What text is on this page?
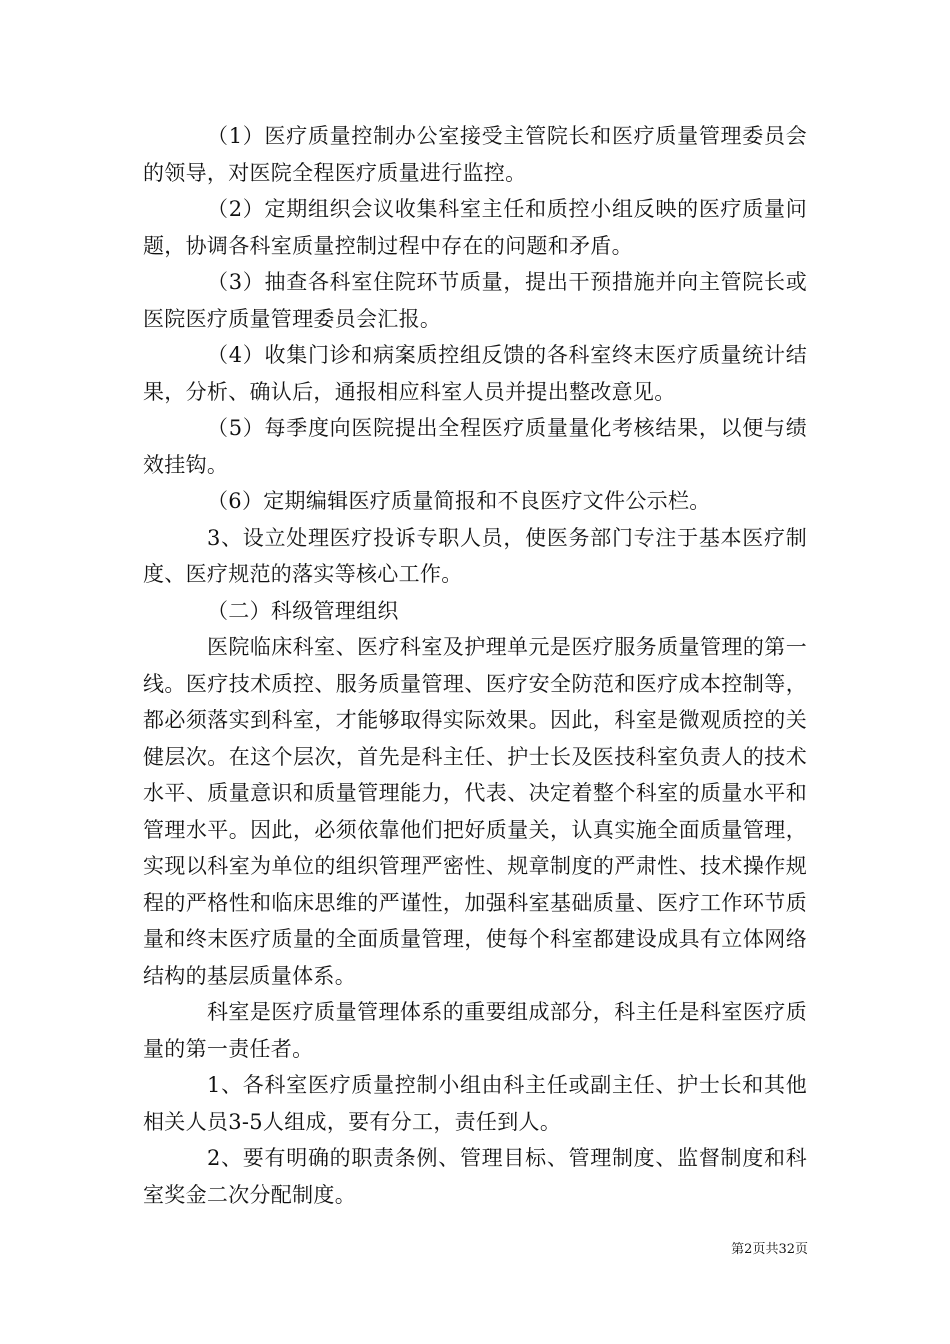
（1）医疗质量控制办公室接受主管院长和医疗质量管理委员会的领导，对医院全程医疗质量进行监控。

（2）定期组织会议收集科室主任和质控小组反映的医疗质量问题，协调各科室质量控制过程中存在的问题和矛盾。

（3）抽查各科室住院环节质量，提出干预措施并向主管院长或医院医疗质量管理委员会汇报。

（4）收集门诊和病案质控组反馈的各科室终末医疗质量统计结果，分析、确认后，通报相应科室人员并提出整改意见。

（5）每季度向医院提出全程医疗质量量化考核结果，以便与绩效挂钩。

（6）定期编辑医疗质量简报和不良医疗文件公示栏。

3、设立处理医疗投诉专职人员，使医务部门专注于基本医疗制度、医疗规范的落实等核心工作。

（二）科级管理组织

医院临床科室、医疗科室及护理单元是医疗服务质量管理的第一线。医疗技术质控、服务质量管理、医疗安全防范和医疗成本控制等，都必须落实到科室，才能够取得实际效果。因此，科室是微观质控的关健层次。在这个层次，首先是科主任、护士长及医技科室负责人的技术水平、质量意识和质量管理能力，代表、决定着整个科室的质量水平和管理水平。因此，必须依靠他们把好质量关，认真实施全面质量管理，实现以科室为单位的组织管理严密性、规章制度的严肃性、技术操作规程的严格性和临床思维的严谨性，加强科室基础质量、医疗工作环节质量和终末医疗质量的全面质量管理，使每个科室都建设成具有立体网络结构的基层质量体系。

科室是医疗质量管理体系的重要组成部分，科主任是科室医疗质量的第一责任者。

1、各科室医疗质量控制小组由科主任或副主任、护士长和其他相关人员3-5人组成，要有分工，责任到人。

2、要有明确的职责条例、管理目标、管理制度、监督制度和科室奖金二次分配制度。

第2页共32页
